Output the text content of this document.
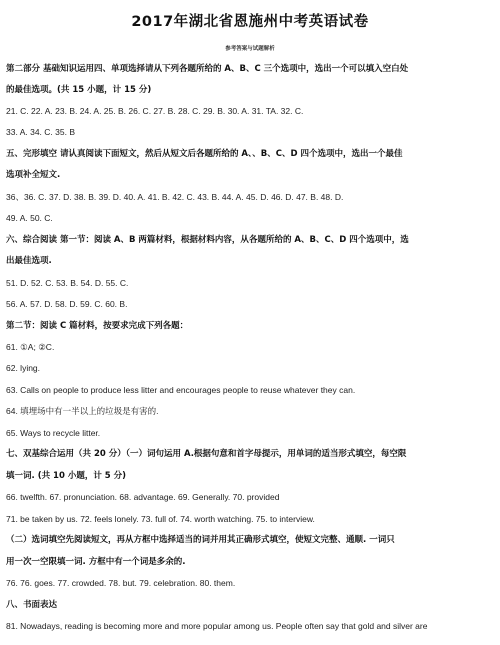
2017年湖北省恩施州中考英语试卷
参考答案与试题解析
第二部分 基础知识运用四、单项选择请从下列各题所给的 A、B、C 三个选项中，选出一个可以填入空白处
的最佳选项。(共 15 小题，计 15 分)
21. C. 22. A. 23. B. 24. A. 25. B. 26. C. 27. B. 28. C. 29. B. 30. A. 31. TA. 32. C.
33. A. 34. C. 35. B
五、完形填空 请认真阅读下面短文，然后从短文后各题所给的 A、、B、C、D 四个选项中，选出一个最佳
选项补全短文.
36、36. C. 37. D. 38. B. 39. D. 40. A. 41. B. 42. C. 43. B. 44. A. 45. D. 46. D. 47. B. 48. D.
49. A. 50. C.
六、综合阅读 第一节：阅读 A、B 两篇材料，根据材料内容，从各题所给的 A、B、C、D 四个选项中，选
出最佳选项.
51. D. 52. C. 53. B. 54. D. 55. C.
56. A. 57. D. 58. D. 59. C. 60. B.
第二节：阅读 C 篇材料，按要求完成下列各题：
61. ①A; ②C.
62. lying.
63. Calls on people to produce less litter and encourages people to reuse whatever they can.
64. 填埋场中有一半以上的垃圾是有害的.
65. Ways to recycle litter.
七、双基综合运用（共 20 分）（一）词句运用 A.根据句意和首字母提示，用单词的适当形式填空，每空限
填一词. (共 10 小题，计 5 分)
66. twelfth. 67. pronunciation. 68. advantage. 69. Generally. 70. provided
71. be taken by us. 72. feels lonely. 73. full of. 74. worth watching. 75. to interview.
（二）选词填空先阅读短文，再从方框中选择适当的词并用其正确形式填空，使短文完整、通顺. 一词只
用一次一空限填一词. 方框中有一个词是多余的.
76. 76. goes. 77. crowded. 78. but. 79. celebration. 80. them.
八、书面表达
81. Nowadays, reading is becoming more and more popular among us. People often say that gold and silver are
